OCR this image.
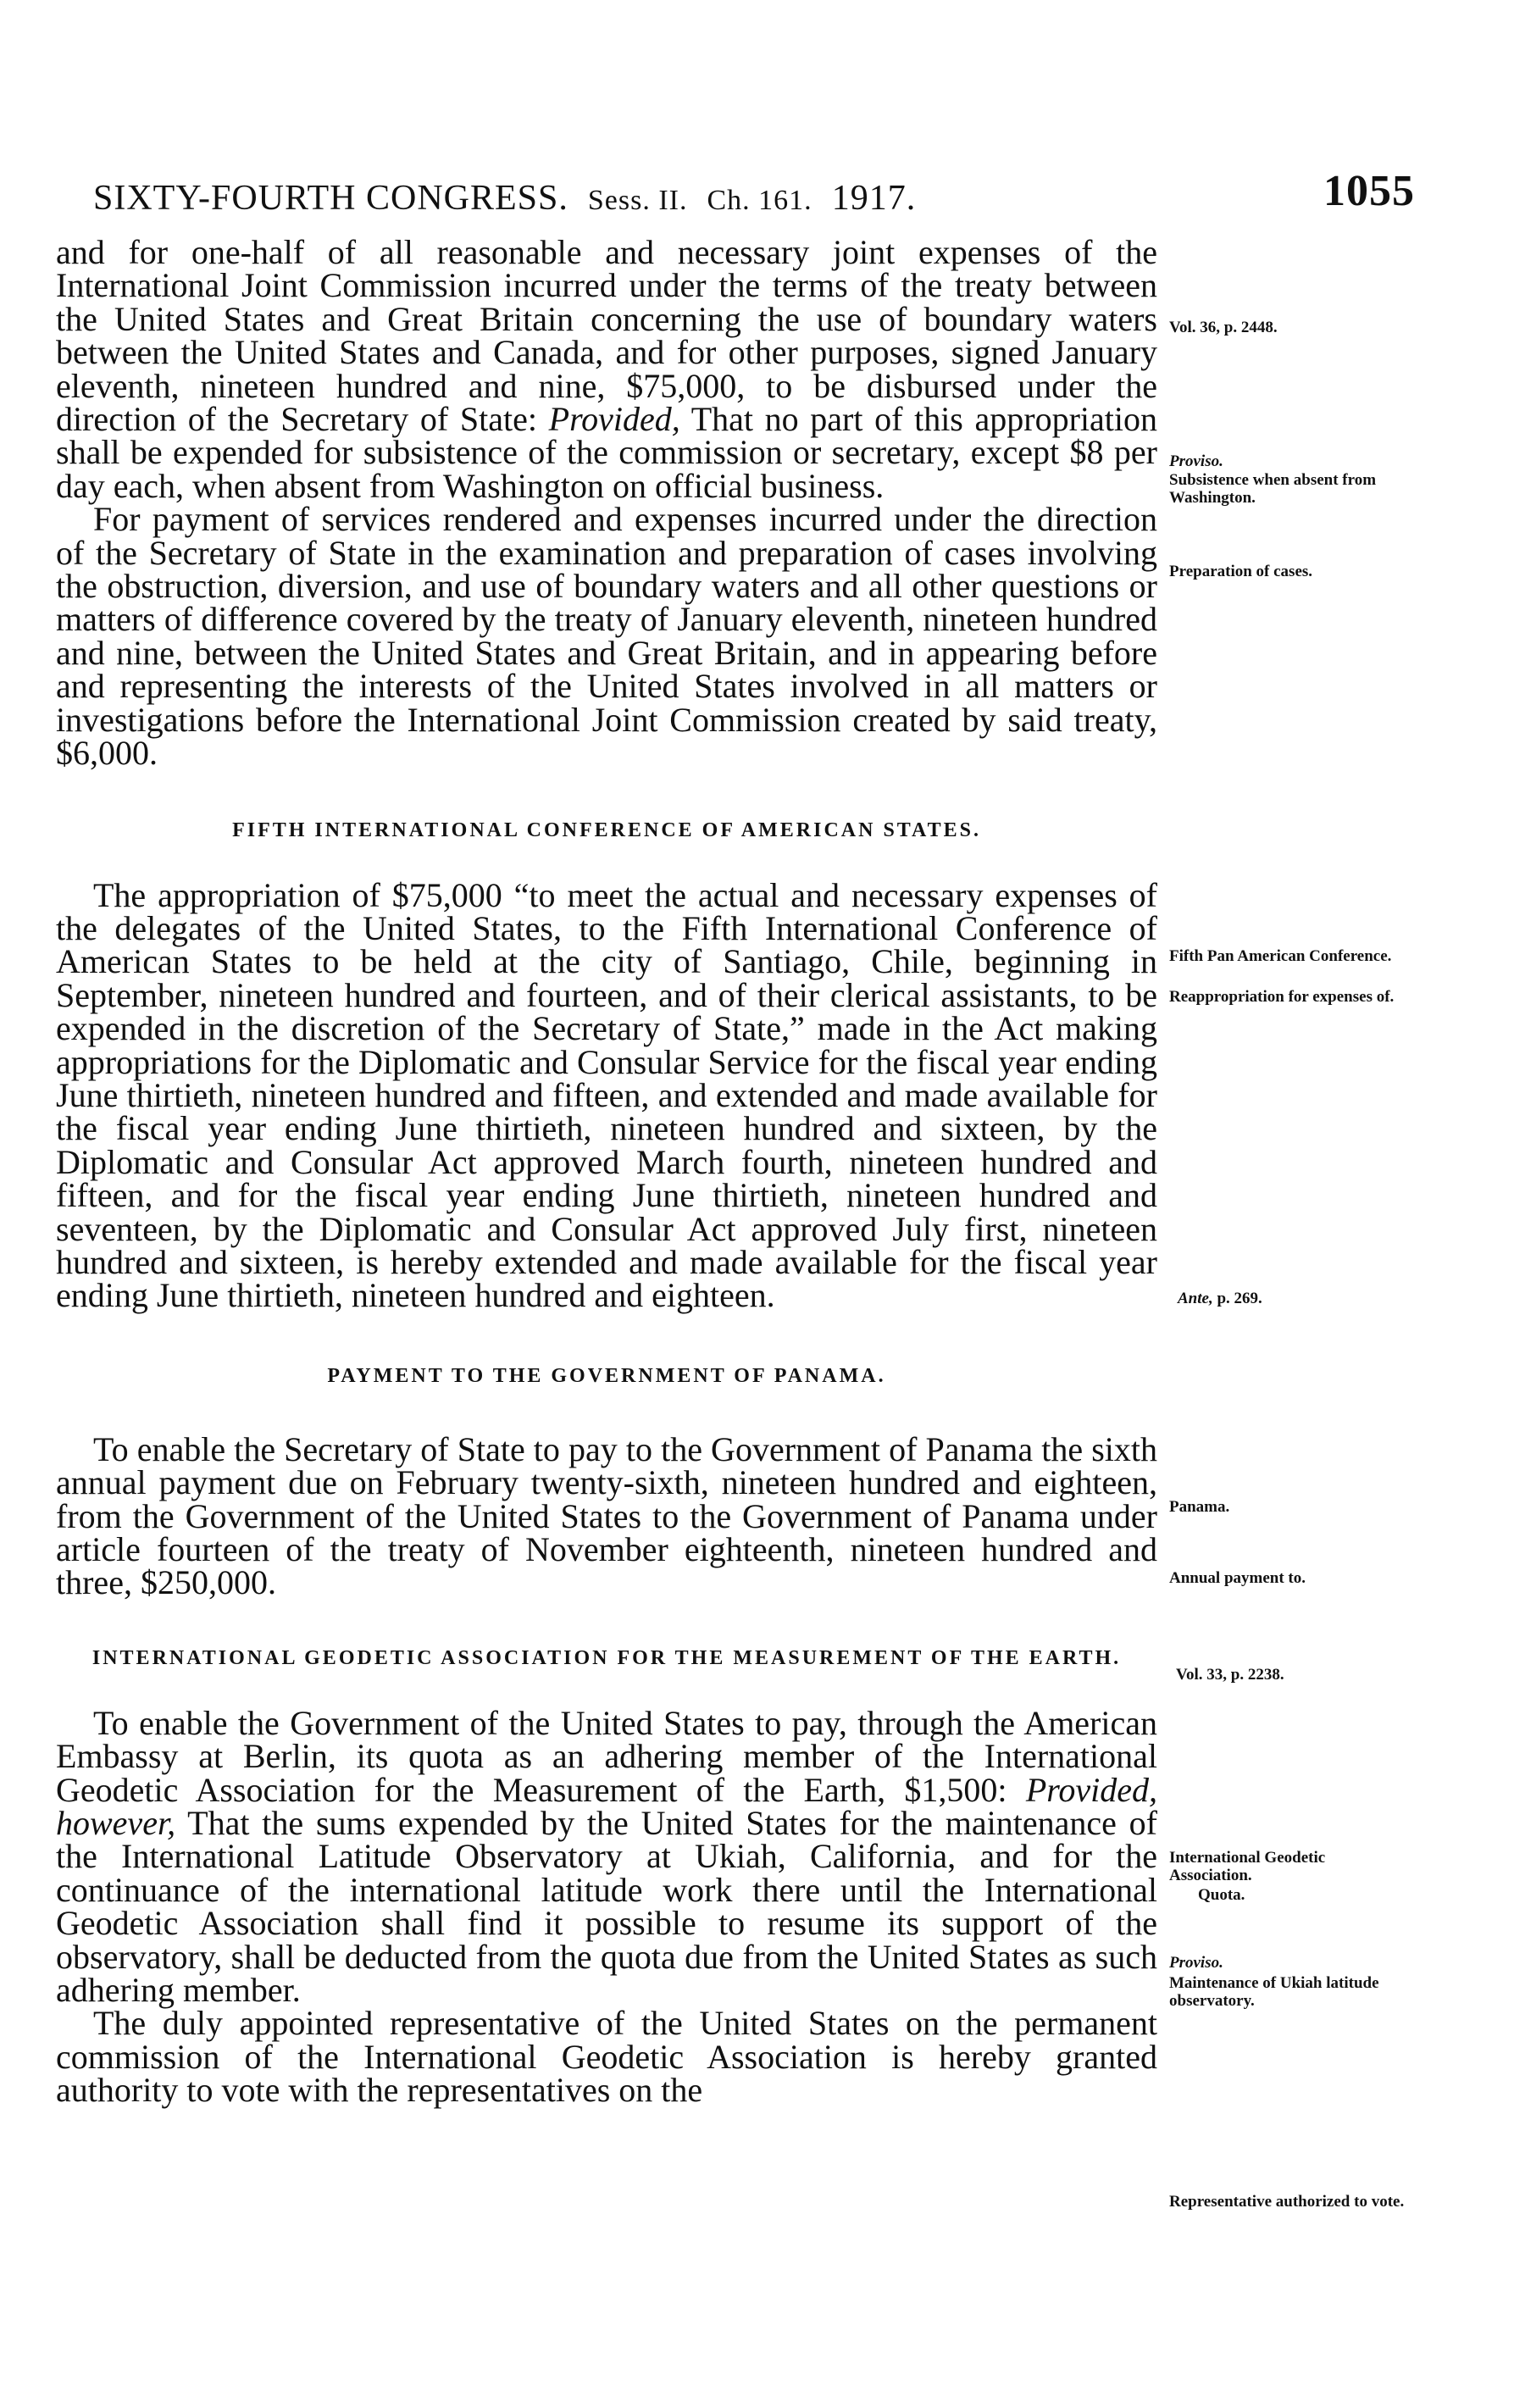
SIXTY-FOURTH CONGRESS. Sess. II. Ch. 161. 1917.	1055

and for one-half of all reasonable and necessary joint expenses of the International Joint Commission incurred under the terms of the treaty between the United States and Great Britain concerning the use of boundary waters between the United States and Canada, and for other purposes, signed January eleventh, nineteen hundred and nine, $75,000, to be disbursed under the direction of the Secretary of State: Provided, That no part of this appropriation shall be expended for subsistence of the commission or secretary, except $8 per day each, when absent from Washington on official business.

For payment of services rendered and expenses incurred under the direction of the Secretary of State in the examination and preparation of cases involving the obstruction, diversion, and use of boundary waters and all other questions or matters of difference covered by the treaty of January eleventh, nineteen hundred and nine, between the United States and Great Britain, and in appearing before and representing the interests of the United States involved in all matters or investigations before the International Joint Commission created by said treaty, $6,000.

FIFTH INTERNATIONAL CONFERENCE OF AMERICAN STATES.

The appropriation of $75,000 “to meet the actual and necessary expenses of the delegates of the United States, to the Fifth International Conference of American States to be held at the city of Santiago, Chile, beginning in September, nineteen hundred and fourteen, and of their clerical assistants, to be expended in the discretion of the Secretary of State,” made in the Act making appropriations for the Diplomatic and Consular Service for the fiscal year ending June thirtieth, nineteen hundred and fifteen, and extended and made available for the fiscal year ending June thirtieth, nineteen hundred and sixteen, by the Diplomatic and Consular Act approved March fourth, nineteen hundred and fifteen, and for the fiscal year ending June thirtieth, nineteen hundred and seventeen, by the Diplomatic and Consular Act approved July first, nineteen hundred and sixteen, is hereby extended and made available for the fiscal year ending June thirtieth, nineteen hundred and eighteen.

PAYMENT TO THE GOVERNMENT OF PANAMA.

To enable the Secretary of State to pay to the Government of Panama the sixth annual payment due on February twenty-sixth, nineteen hundred and eighteen, from the Government of the United States to the Government of Panama under article fourteen of the treaty of November eighteenth, nineteen hundred and three, $250,000.

INTERNATIONAL GEODETIC ASSOCIATION FOR THE MEASUREMENT OF THE EARTH.

To enable the Government of the United States to pay, through the American Embassy at Berlin, its quota as an adhering member of the International Geodetic Association for the Measurement of the Earth, $1,500: Provided, however, That the sums expended by the United States for the maintenance of the International Latitude Observatory at Ukiah, California, and for the continuance of the international latitude work there until the International Geodetic Association shall find it possible to resume its support of the observatory, shall be deducted from the quota due from the United States as such adhering member.

The duly appointed representative of the United States on the permanent commission of the International Geodetic Association is hereby granted authority to vote with the representatives on the

Vol. 36, p. 2448.
Proviso.
Subsistence when absent from Washington.
Preparation of cases.
Fifth Pan American Conference.
Reappropriation for expenses of.
Ante, p. 269.
Panama.
Annual payment to.
Vol. 33, p. 2238.
International Geodetic Association.
Quota.
Proviso.
Maintenance of Ukiah latitude observatory.
Representative authorized to vote.
